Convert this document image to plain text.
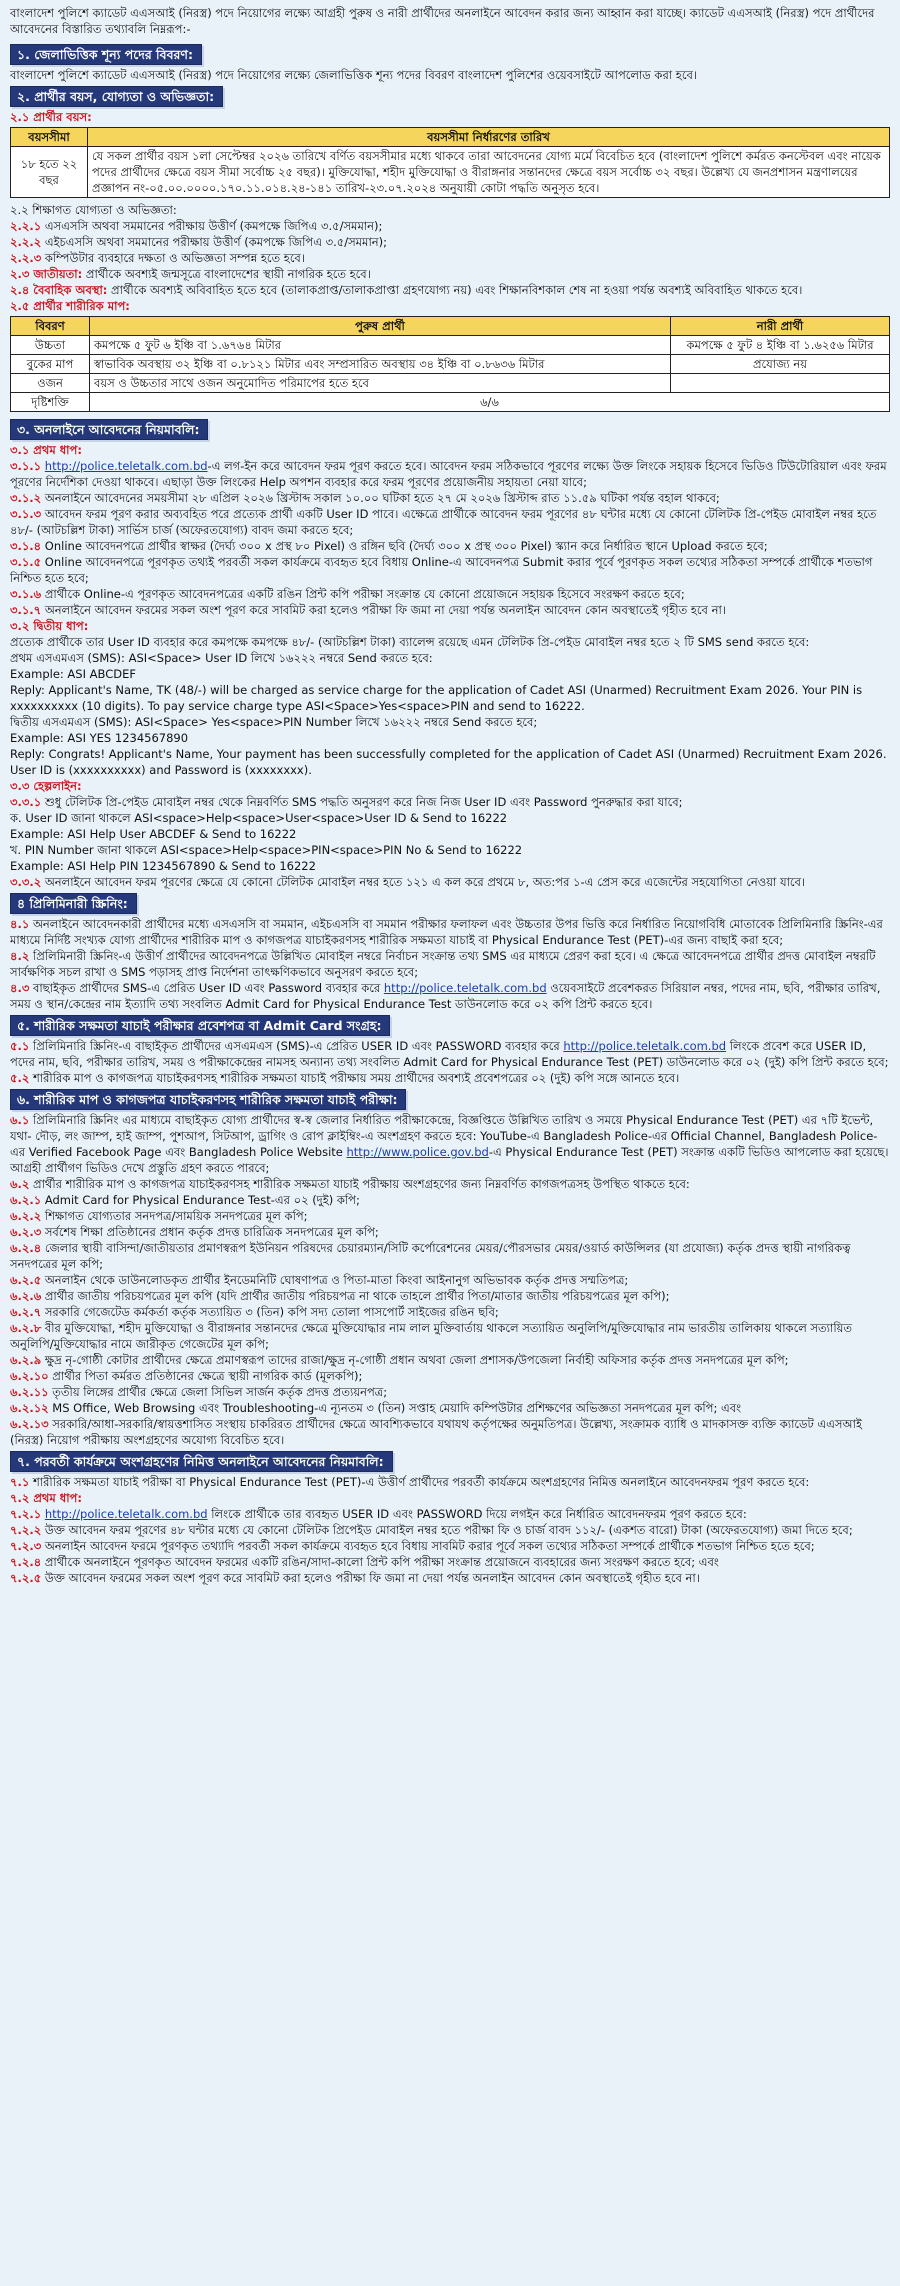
বাংলাদেশ পুলিশে ক্যাডেট এএসআই (নিরস্ত্র) পদে নিয়োগের লক্ষ্যে আগ্রহী পুরুষ ও নারী প্রার্থীদের অনলাইনে আবেদন করার জন্য আহ্বান করা যাচ্ছে। ক্যাডেট এএসআই (নিরস্ত্র) পদে প্রার্থীদের আবেদনের বিস্তারিত তথ্যাবলি নিম্নরূপ:-

১. জেলাভিত্তিক শূন্য পদের বিবরণ:

বাংলাদেশ পুলিশে ক্যাডেট এএসআই (নিরস্ত্র) পদে নিয়োগের লক্ষ্যে জেলাভিত্তিক শূন্য পদের বিবরণ বাংলাদেশ পুলিশের ওয়েবসাইটে আপলোড করা হবে।

২. প্রার্থীর বয়স, যোগ্যতা ও অভিজ্ঞতা:

২.১ প্রার্থীর বয়স:

বয়সসীমা	বয়সসীমা নির্ধারণের তারিখ
১৮ হতে ২২ বছর	যে সকল প্রার্থীর বয়স ১লা সেপ্টেম্বর ২০২৬ তারিখে বর্ণিত বয়সসীমার মধ্যে থাকবে তারা আবেদনের যোগ্য মর্মে বিবেচিত হবে (বাংলাদেশ পুলিশে কর্মরত কনস্টেবল এবং নায়েক পদের প্রার্থীদের ক্ষেত্রে বয়স সীমা সর্বোচ্চ ২৫ বছর)। মুক্তিযোদ্ধা, শহীদ মুক্তিযোদ্ধা ও বীরাঙ্গনার সন্তানদের ক্ষেত্রে বয়স সর্বোচ্চ ৩২ বছর। উল্লেখ্য যে জনপ্রশাসন মন্ত্রণালয়ের প্রজ্ঞাপন নং-০৫.০০.০০০০.১৭০.১১.০১৪.২৪-১৪১ তারিখ-২৩.০৭.২০২৪ অনুযায়ী কোটা পদ্ধতি অনুসৃত হবে।

২.২ শিক্ষাগত যোগ্যতা ও অভিজ্ঞতা:

২.২.১ এসএসসি অথবা সমমানের পরীক্ষায় উত্তীর্ণ (কমপক্ষে জিপিএ ৩.৫/সমমান);

২.২.২ এইচএসসি অথবা সমমানের পরীক্ষায় উত্তীর্ণ (কমপক্ষে জিপিএ ৩.৫/সমমান);

২.২.৩ কম্পিউটার ব্যবহারে দক্ষতা ও অভিজ্ঞতা সম্পন্ন হতে হবে।

২.৩ জাতীয়তা: প্রার্থীকে অবশ্যই জন্মসূত্রে বাংলাদেশের স্থায়ী নাগরিক হতে হবে।

২.৪ বৈবাহিক অবস্থা: প্রার্থীকে অবশ্যই অবিবাহিত হতে হবে (তালাকপ্রাপ্ত/তালাকপ্রাপ্তা গ্রহণযোগ্য নয়) এবং শিক্ষানবিশকাল শেষ না হওয়া পর্যন্ত অবশ্যই অবিবাহিত থাকতে হবে।

২.৫ প্রার্থীর শারীরিক মাপ:

বিবরণ	পুরুষ প্রার্থী	নারী প্রার্থী
উচ্চতা	কমপক্ষে ৫ ফুট ৬ ইঞ্চি বা ১.৬৭৬৪ মিটার	কমপক্ষে ৫ ফুট ৪ ইঞ্চি বা ১.৬২৫৬ মিটার
বুকের মাপ	স্বাভাবিক অবস্থায় ৩২ ইঞ্চি বা ০.৮১২১ মিটার এবং সম্প্রসারিত অবস্থায় ৩৪ ইঞ্চি বা ০.৮৬৩৬ মিটার	প্রযোজ্য নয়
ওজন	বয়স ও উচ্চতার সাথে ওজন অনুমোদিত পরিমাপের হতে হবে	
দৃষ্টিশক্তি	৬/৬	
৩. অনলাইনে আবেদনের নিয়মাবলি:

৩.১ প্রথম ধাপ:

৩.১.১ http://police.teletalk.com.bd-এ লগ-ইন করে আবেদন ফরম পূরণ করতে হবে। আবেদন ফরম সঠিকভাবে পূরণের লক্ষ্যে উক্ত লিংকে সহায়ক হিসেবে ভিডিও টিউটোরিয়াল এবং ফরম পূরণের নির্দেশিকা দেওয়া থাকবে। এছাড়া উক্ত লিংকের Help অপশন ব্যবহার করে ফরম পূরণের প্রয়োজনীয় সহায়তা নেয়া যাবে;

৩.১.২ অনলাইনে আবেদনের সময়সীমা ২৮ এপ্রিল ২০২৬ খ্রিস্টাব্দ সকাল ১০.০০ ঘটিকা হতে ২৭ মে ২০২৬ খ্রিস্টাব্দ রাত ১১.৫৯ ঘটিকা পর্যন্ত বহাল থাকবে;

৩.১.৩ আবেদন ফরম পূরণ করার অব্যবহিত পরে প্রত্যেক প্রার্থী একটি User ID পাবে। এক্ষেত্রে প্রার্থীকে আবেদন ফরম পূরণের ৪৮ ঘন্টার মধ্যে যে কোনো টেলিটক প্রি-পেইড মোবাইল নম্বর হতে ৪৮/- (আটচল্লিশ টাকা) সার্ভিস চার্জ (অফেরতযোগ্য) বাবদ জমা করতে হবে;

৩.১.৪ Online আবেদনপত্রে প্রার্থীর স্বাক্ষর (দৈর্ঘ্য ৩০০ x প্রস্থ ৮০ Pixel) ও রঙ্গিন ছবি (দৈর্ঘ্য ৩০০ x প্রস্থ ৩০০ Pixel) স্ক্যান করে নির্ধারিত স্থানে Upload করতে হবে;

৩.১.৫ Online আবেদনপত্রে পূরণকৃত তথ্যই পরবর্তী সকল কার্যক্রমে ব্যবহৃত হবে বিধায় Online-এ আবেদনপত্র Submit করার পূর্বে পূরণকৃত সকল তথ্যের সঠিকতা সম্পর্কে প্রার্থীকে শতভাগ নিশ্চিত হতে হবে;

৩.১.৬ প্রার্থীকে Online-এ পূরণকৃত আবেদনপত্রের একটি রঙিন প্রিন্ট কপি পরীক্ষা সংক্রান্ত যে কোনো প্রয়োজনে সহায়ক হিসেবে সংরক্ষণ করতে হবে;

৩.১.৭ অনলাইনে আবেদন ফরমের সকল অংশ পূরণ করে সাবমিট করা হলেও পরীক্ষা ফি জমা না দেয়া পর্যন্ত অনলাইন আবেদন কোন অবস্থাতেই গৃহীত হবে না।

৩.২ দ্বিতীয় ধাপ:

প্রত্যেক প্রার্থীকে তার User ID ব্যবহার করে কমপক্ষে কমপক্ষে ৪৮/- (আটচল্লিশ টাকা) ব্যালেন্স রয়েছে এমন টেলিটক প্রি-পেইড মোবাইল নম্বর হতে ২ টি SMS send করতে হবে:

প্রথম এসএমএস (SMS): ASI<Space> User ID লিখে ১৬২২২ নম্বরে Send করতে হবে:

Example: ASI ABCDEF

Reply: Applicant's Name, TK (48/-) will be charged as service charge for the application of Cadet ASI (Unarmed) Recruitment Exam 2026. Your PIN is xxxxxxxxxx (10 digits). To pay service charge type ASI<Space>Yes<space>PIN and send to 16222.

দ্বিতীয় এসএমএস (SMS): ASI<Space> Yes<space>PIN Number লিখে ১৬২২২ নম্বরে Send করতে হবে;

Example: ASI YES 1234567890

Reply: Congrats! Applicant's Name, Your payment has been successfully completed for the application of Cadet ASI (Unarmed) Recruitment Exam 2026. User ID is (xxxxxxxxxx) and Password is (xxxxxxxx).

৩.৩ হেল্পলাইন:

৩.৩.১ শুধু টেলিটক প্রি-পেইড মোবাইল নম্বর থেকে নিম্নবর্ণিত SMS পদ্ধতি অনুসরণ করে নিজ নিজ User ID এবং Password পুনরুদ্ধার করা যাবে;

ক. User ID জানা থাকলে ASI<space>Help<space>User<space>User ID & Send to 16222

Example: ASI Help User ABCDEF & Send to 16222

খ. PIN Number জানা থাকলে ASI<space>Help<space>PIN<space>PIN No & Send to 16222

Example: ASI Help PIN 1234567890 & Send to 16222

৩.৩.২ অনলাইনে আবেদন ফরম পূরণের ক্ষেত্রে যে কোনো টেলিটক মোবাইল নম্বর হতে ১২১ এ কল করে প্রথমে ৮, অত:পর ১-এ প্রেস করে এজেন্টের সহযোগিতা নেওয়া যাবে।

৪ প্রিলিমিনারী স্ক্রিনিং:

৪.১ অনলাইনে আবেদনকারী প্রার্থীদের মধ্যে এসএসসি বা সমমান, এইচএসসি বা সমমান পরীক্ষার ফলাফল এবং উচ্চতার উপর ভিত্তি করে নির্ধারিত নিয়োগবিধি মোতাবেক প্রিলিমিনারি স্ক্রিনিং-এর মাধ্যমে নির্দিষ্ট সংখ্যক যোগ্য প্রার্থীদের শারীরিক মাপ ও কাগজপত্র যাচাইকরণসহ শারীরিক সক্ষমতা যাচাই বা Physical Endurance Test (PET)-এর জন্য বাছাই করা হবে;

৪.২ প্রিলিমিনারী স্ক্রিনিং-এ উত্তীর্ণ প্রার্থীদের আবেদনপত্রে উল্লিখিত মোবাইল নম্বরে নির্বাচন সংক্রান্ত তথ্য SMS এর মাধ্যমে প্রেরণ করা হবে। এ ক্ষেত্রে আবেদনপত্রে প্রার্থীর প্রদত্ত মোবাইল নম্বরটি সার্বক্ষণিক সচল রাখা ও SMS পড়াসহ প্রাপ্ত নির্দেশনা তাৎক্ষণিকভাবে অনুসরণ করতে হবে;

৪.৩ বাছাইকৃত প্রার্থীদের SMS-এ প্রেরিত User ID এবং Password ব্যবহার করে http://police.teletalk.com.bd ওয়েবসাইটে প্রবেশকরত সিরিয়াল নম্বর, পদের নাম, ছবি, পরীক্ষার তারিখ, সময় ও স্থান/কেন্দ্রের নাম ইত্যাদি তথ্য সংবলিত Admit Card for Physical Endurance Test ডাউনলোড করে ০২ কপি প্রিন্ট করতে হবে।

৫. শারীরিক সক্ষমতা যাচাই পরীক্ষার প্রবেশপত্র বা Admit Card সংগ্রহ:

৫.১ প্রিলিমিনারি স্ক্রিনিং-এ বাছাইকৃত প্রার্থীদের এসএমএস (SMS)-এ প্রেরিত USER ID এবং PASSWORD ব্যবহার করে http://police.teletalk.com.bd লিংকে প্রবেশ করে USER ID, পদের নাম, ছবি, পরীক্ষার তারিখ, সময় ও পরীক্ষাকেন্দ্রের নামসহ অন্যান্য তথ্য সংবলিত Admit Card for Physical Endurance Test (PET) ডাউনলোড করে ০২ (দুই) কপি প্রিন্ট করতে হবে;

৫.২ শারীরিক মাপ ও কাগজপত্র যাচাইকরণসহ শারীরিক সক্ষমতা যাচাই পরীক্ষায় সময় প্রার্থীদের অবশ্যই প্রবেশপত্রের ০২ (দুই) কপি সঙ্গে আনতে হবে।

৬. শারীরিক মাপ ও কাগজপত্র যাচাইকরণসহ শারীরিক সক্ষমতা যাচাই পরীক্ষা:

৬.১ প্রিলিমিনারি স্ক্রিনিং এর মাধ্যমে বাছাইকৃত যোগ্য প্রার্থীদের স্ব-স্ব জেলার নির্ধারিত পরীক্ষাকেন্দ্রে, বিজ্ঞপ্তিতে উল্লিখিত তারিখ ও সময়ে Physical Endurance Test (PET) এর ৭টি ইভেন্ট, যথা- দৌড়, লং জাম্প, হাই জাম্প, পুশআপ, সিটআপ, ড্রাগিং ও রোপ ক্লাইম্বিং-এ অংশগ্রহণ করতে হবে: YouTube-এ Bangladesh Police-এর Official Channel, Bangladesh Police-এর Verified Facebook Page এবং Bangladesh Police Website http://www.police.gov.bd-এ Physical Endurance Test (PET) সংক্রান্ত একটি ভিডিও আপলোড করা হয়েছে। আগ্রহী প্রার্থীগণ ভিডিও দেখে প্রস্তুতি গ্রহণ করতে পারবে;

৬.২ প্রার্থীর শারীরিক মাপ ও কাগজপত্র যাচাইকরণসহ শারীরিক সক্ষমতা যাচাই পরীক্ষায় অংশগ্রহণের জন্য নিম্নবর্ণিত কাগজপত্রসহ উপস্থিত থাকতে হবে:

৬.২.১ Admit Card for Physical Endurance Test-এর ০২ (দুই) কপি;

৬.২.২ শিক্ষাগত যোগ্যতার সনদপত্র/সাময়িক সনদপত্রের মূল কপি;

৬.২.৩ সর্বশেষ শিক্ষা প্রতিষ্ঠানের প্রধান কর্তৃক প্রদত্ত চারিত্রিক সনদপত্রের মূল কপি;

৬.২.৪ জেলার স্থায়ী বাসিন্দা/জাতীয়তার প্রমাণস্বরূপ ইউনিয়ন পরিষদের চেয়ারম্যান/সিটি কর্পোরেশনের মেয়র/পৌরসভার মেয়র/ওয়ার্ড কাউন্সিলর (যা প্রযোজ্য) কর্তৃক প্রদত্ত স্থায়ী নাগরিকত্ব সনদপত্রের মূল কপি;

৬.২.৫ অনলাইন থেকে ডাউনলোডকৃত প্রার্থীর ইনডেমনিটি ঘোষণাপত্র ও পিতা-মাতা কিংবা আইনানুগ অভিভাবক কর্তৃক প্রদত্ত সম্মতিপত্র;

৬.২.৬ প্রার্থীর জাতীয় পরিচয়পত্রের মূল কপি (যদি প্রার্থীর জাতীয় পরিচয়পত্র না থাকে তাহলে প্রার্থীর পিতা/মাতার জাতীয় পরিচয়পত্রের মূল কপি);

৬.২.৭ সরকারি গেজেটেড কর্মকর্তা কর্তৃক সত্যায়িত ৩ (তিন) কপি সদ্য তোলা পাসপোর্ট সাইজের রঙিন ছবি;

৬.২.৮ বীর মুক্তিযোদ্ধা, শহীদ মুক্তিযোদ্ধা ও বীরাঙ্গনার সন্তানদের ক্ষেত্রে মুক্তিযোদ্ধার নাম লাল মুক্তিবার্তায় থাকলে সত্যায়িত অনুলিপি/মুক্তিযোদ্ধার নাম ভারতীয় তালিকায় থাকলে সত্যায়িত অনুলিপি/মুক্তিযোদ্ধার নামে জারীকৃত গেজেটের মূল কপি;

৬.২.৯ ক্ষুদ্র নৃ-গোষ্ঠী কোটার প্রার্থীদের ক্ষেত্রে প্রমাণস্বরূপ তাদের রাজা/ক্ষুদ্র নৃ-গোষ্ঠী প্রধান অথবা জেলা প্রশাসক/উপজেলা নির্বাহী অফিসার কর্তৃক প্রদত্ত সনদপত্রের মূল কপি;

৬.২.১০ প্রার্থীর পিতা কর্মরত প্রতিষ্ঠানের ক্ষেত্রে স্থায়ী নাগরিক কার্ড (মূলকপি);

৬.২.১১ তৃতীয় লিঙ্গের প্রার্থীর ক্ষেত্রে জেলা সিভিল সার্জন কর্তৃক প্রদত্ত প্রত্যয়নপত্র;

৬.২.১২ MS Office, Web Browsing এবং Troubleshooting-এ ন্যূনতম ৩ (তিন) সপ্তাহ মেয়াদি কম্পিউটার প্রশিক্ষণের অভিজ্ঞতা সনদপত্রের মূল কপি; এবং

৬.২.১৩ সরকারি/আধা-সরকারি/স্বায়ত্তশাসিত সংস্থায় চাকরিরত প্রার্থীদের ক্ষেত্রে আবশ্যিকভাবে যথাযথ কর্তৃপক্ষের অনুমতিপত্র। উল্লেখ্য, সংক্রামক ব্যাধি ও মাদকাসক্ত ব্যক্তি ক্যাডেট এএসআই (নিরস্ত্র) নিয়োগ পরীক্ষায় অংশগ্রহণের অযোগ্য বিবেচিত হবে।

৭. পরবর্তী কার্যক্রমে অংশগ্রহণের নিমিত্ত অনলাইনে আবেদনের নিয়মাবলি:

৭.১ শারীরিক সক্ষমতা যাচাই পরীক্ষা বা Physical Endurance Test (PET)-এ উত্তীর্ণ প্রার্থীদের পরবর্তী কার্যক্রমে অংশগ্রহণের নিমিত্ত অনলাইনে আবেদনফরম পূরণ করতে হবে:

৭.২ প্রথম ধাপ:

৭.২.১ http://police.teletalk.com.bd লিংকে প্রার্থীকে তার ব্যবহৃত USER ID এবং PASSWORD দিয়ে লগইন করে নির্ধারিত আবেদনফরম পূরণ করতে হবে:

৭.২.২ উক্ত আবেদন ফরম পূরণের ৪৮ ঘন্টার মধ্যে যে কোনো টেলিটক প্রিপেইড মোবাইল নম্বর হতে পরীক্ষা ফি ও চার্জ বাবদ ১১২/- (একশত বারো) টাকা (অফেরতযোগ্য) জমা দিতে হবে;

৭.২.৩ অনলাইন আবেদন ফরমে পূরণকৃত তথ্যাদি পরবর্তী সকল কার্যক্রমে ব্যবহৃত হবে বিধায় সাবমিট করার পূর্বে সকল তথ্যের সঠিকতা সম্পর্কে প্রার্থীকে শতভাগ নিশ্চিত হতে হবে;

৭.২.৪ প্রার্থীকে অনলাইনে পূরণকৃত আবেদন ফরমের একটি রঙিন/সাদা-কালো প্রিন্ট কপি পরীক্ষা সংক্রান্ত প্রয়োজনে ব্যবহারের জন্য সংরক্ষণ করতে হবে; এবং

৭.২.৫ উক্ত আবেদন ফরমের সকল অংশ পূরণ করে সাবমিট করা হলেও পরীক্ষা ফি জমা না দেয়া পর্যন্ত অনলাইন আবেদন কোন অবস্থাতেই গৃহীত হবে না।
